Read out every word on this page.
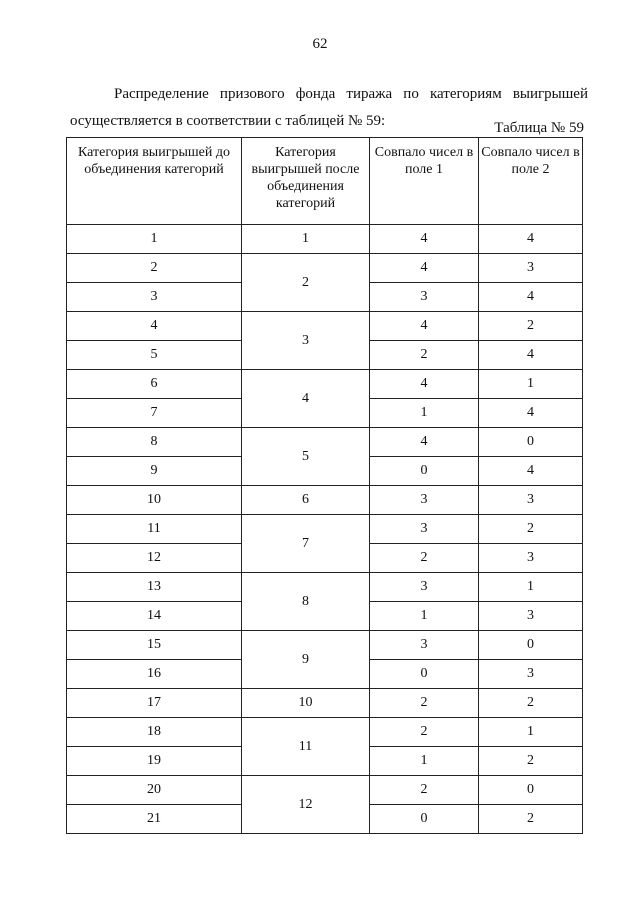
62

Распределение призового фонда тиража по категориям выигрышей осуществляется в соответствии с таблицей № 59:	Таблица № 59
Категория выигрышей до объединения категорий	Категория выигрышей после объединения категорий	Совпало чисел в поле 1	Совпало чисел в поле 2
1	1	4	4
2	2	4	3
3		3	4
4	3	4	2
5		2	4
6	4	4	1
7		1	4
8	5	4	0
9		0	4
10	6	3	3
11	7	3	2
12		2	3
13	8	3	1
14		1	3
15	9	3	0
16		0	3
17	10	2	2
18	11	2	1
19		1	2
20	12	2	0
21		0	2
